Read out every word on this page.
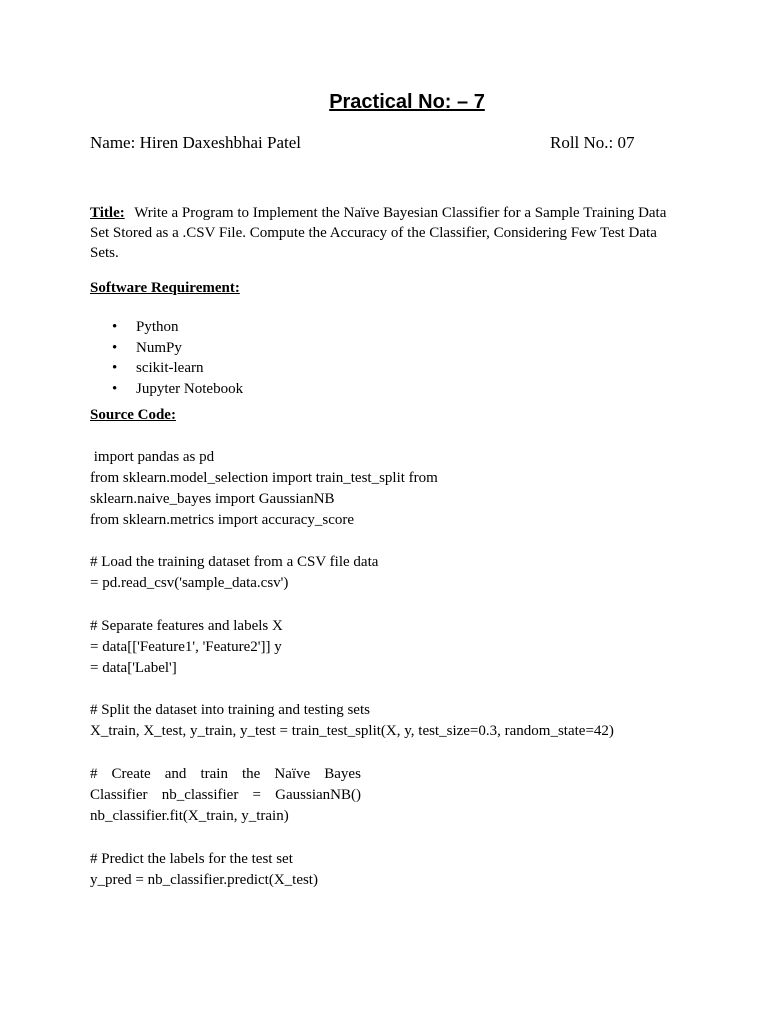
Practical No: – 7
Name: Hiren Daxeshbhai Patel	Roll No.: 07
Title: Write a Program to Implement the Naïve Bayesian Classifier for a Sample Training Data Set Stored as a .CSV File. Compute the Accuracy of the Classifier, Considering Few Test Data Sets.
Software Requirement:
• Python
• NumPy
• scikit-learn
• Jupyter Notebook
Source Code:
import pandas as pd
from sklearn.model_selection import train_test_split from
sklearn.naive_bayes import GaussianNB
from sklearn.metrics import accuracy_score
# Load the training dataset from a CSV file data
= pd.read_csv('sample_data.csv')
# Separate features and labels X
= data[['Feature1', 'Feature2']] y
= data['Label']
# Split the dataset into training and testing sets
X_train, X_test, y_train, y_test = train_test_split(X, y, test_size=0.3, random_state=42)
# Create and train the Naïve Bayes
Classifier nb_classifier = GaussianNB()
nb_classifier.fit(X_train, y_train)
# Predict the labels for the test set
y_pred = nb_classifier.predict(X_test)
